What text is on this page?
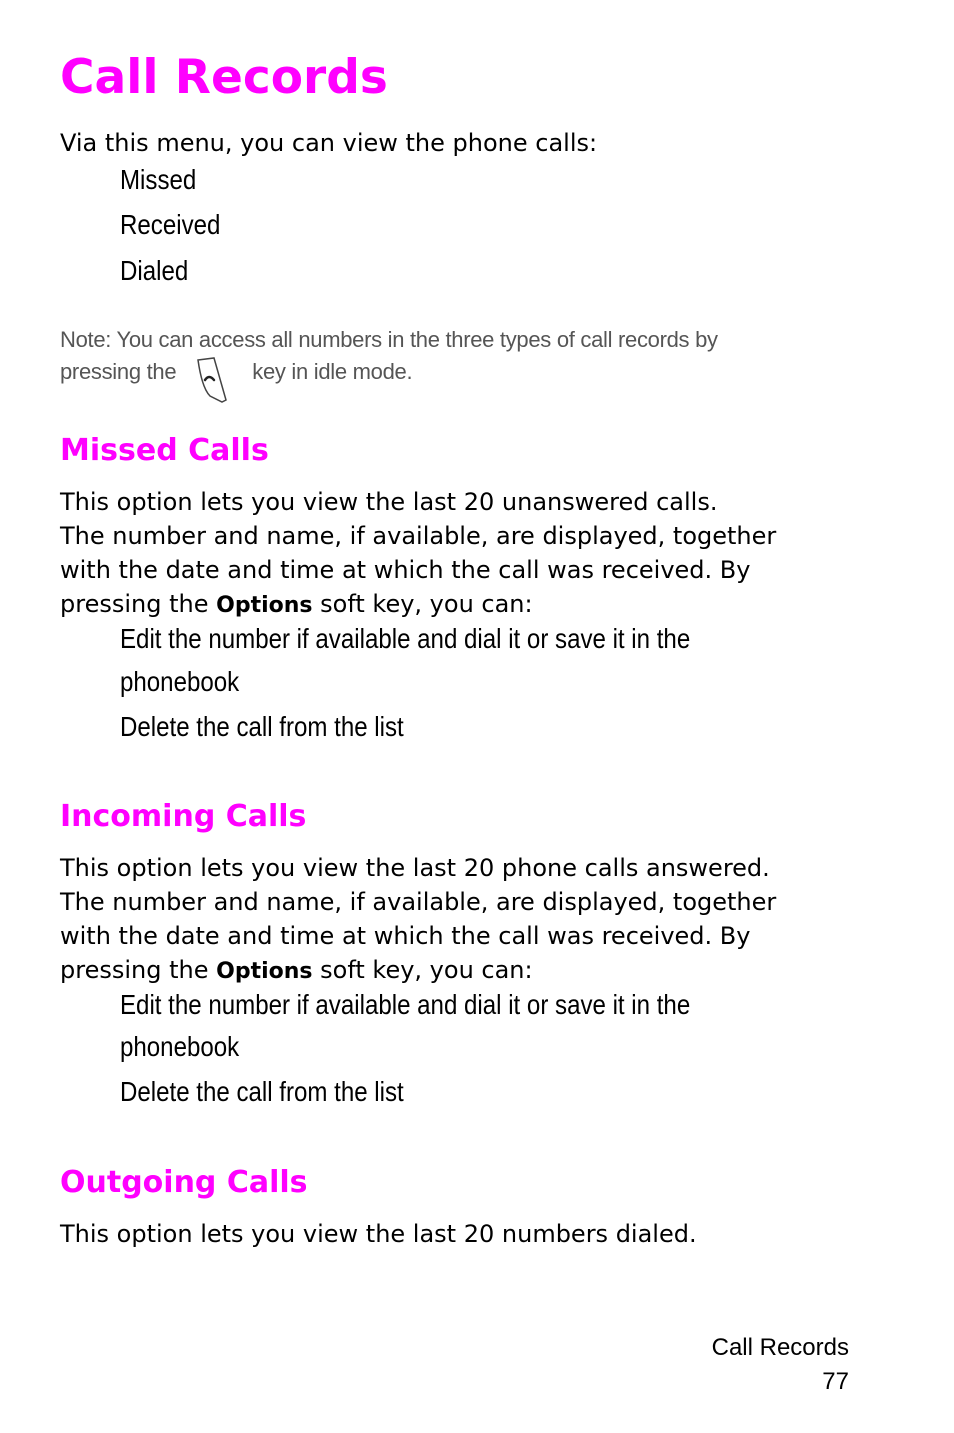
Call Records
Via this menu, you can view the phone calls:
Missed
Received
Dialed
Note: You can access all numbers in the three types of call records by
pressing the	key in idle mode.
Missed Calls
This option lets you view the last 20 unanswered calls.
The number and name, if available, are displayed, together
with the date and time at which the call was received. By
pressing the Options soft key, you can:
Edit the number if available and dial it or save it in the
phonebook
Delete the call from the list
Incoming Calls
This option lets you view the last 20 phone calls answered.
The number and name, if available, are displayed, together
with the date and time at which the call was received. By
pressing the Options soft key, you can:
Edit the number if available and dial it or save it in the
phonebook
Delete the call from the list
Outgoing Calls
This option lets you view the last 20 numbers dialed.
Call Records
77
